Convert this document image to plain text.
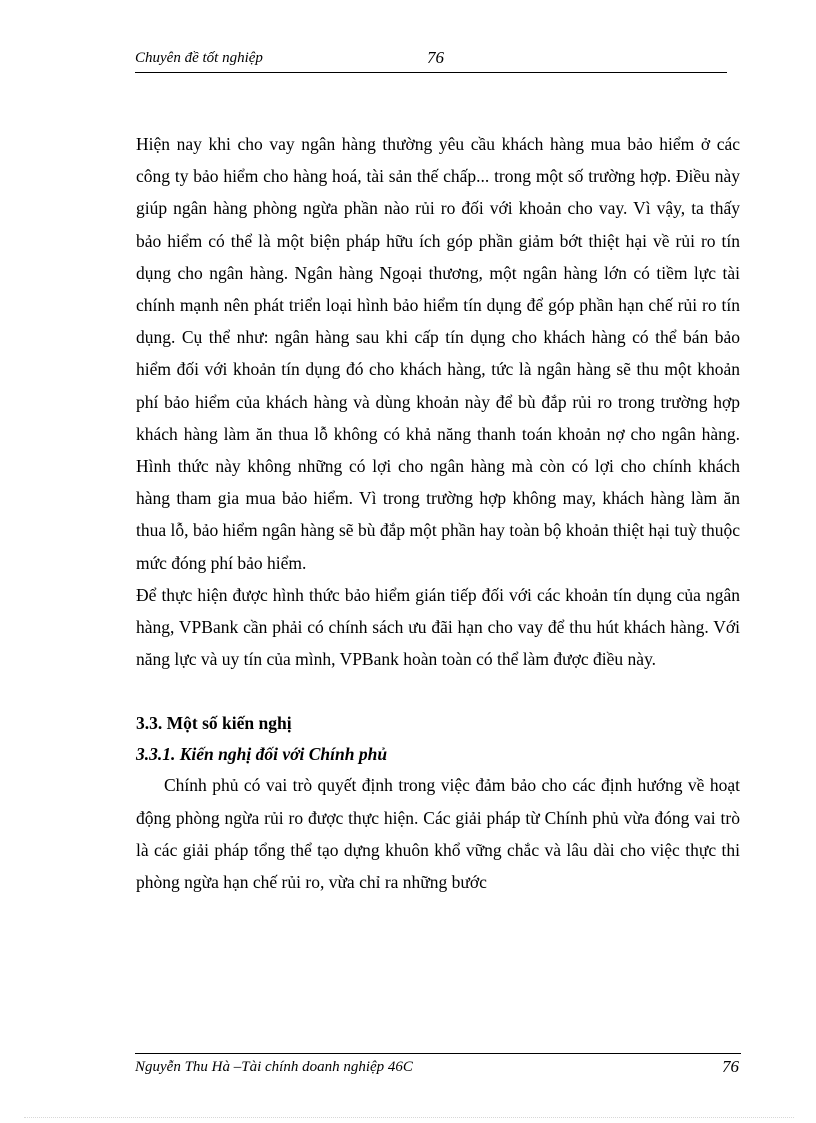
Chuyên đề tốt nghiệp	76

Hiện nay khi cho vay ngân hàng thường yêu cầu khách hàng mua bảo hiểm ở các công ty bảo hiểm cho hàng hoá, tài sản thế chấp... trong một số trường hợp. Điều này giúp ngân hàng phòng ngừa phần nào rủi ro đối với khoản cho vay. Vì vậy, ta thấy bảo hiểm có thể là một biện pháp hữu ích góp phần giảm bớt thiệt hại về rủi ro tín dụng cho ngân hàng. Ngân hàng Ngoại thương, một ngân hàng lớn có tiềm lực tài chính mạnh nên phát triển loại hình bảo hiểm tín dụng để góp phần hạn chế rủi ro tín dụng. Cụ thể như: ngân hàng sau khi cấp tín dụng cho khách hàng có thể bán bảo hiểm đối với khoản tín dụng đó cho khách hàng, tức là ngân hàng sẽ thu một khoản phí bảo hiểm của khách hàng và dùng khoản này để bù đắp rủi ro trong trường hợp khách hàng làm ăn thua lỗ không có khả năng thanh toán khoản nợ cho ngân hàng. Hình thức này không những có lợi cho ngân hàng mà còn có lợi cho chính khách hàng tham gia mua bảo hiểm. Vì trong trường hợp không may, khách hàng làm ăn thua lỗ, bảo hiểm ngân hàng sẽ bù đắp một phần hay toàn bộ khoản thiệt hại tuỳ thuộc mức đóng phí bảo hiểm.

Để thực hiện được hình thức bảo hiểm gián tiếp đối với các khoản tín dụng của ngân hàng, VPBank cần phải có chính sách ưu đãi hạn cho vay để thu hút khách hàng. Với năng lực và uy tín của mình, VPBank hoàn toàn có thể làm được điều này.

3.3. Một số kiến nghị

3.3.1. Kiến nghị đối với Chính phủ

Chính phủ có vai trò quyết định trong việc đảm bảo cho các định hướng về hoạt động phòng ngừa rủi ro được thực hiện. Các giải pháp từ Chính phủ vừa đóng vai trò là các giải pháp tổng thể tạo dựng khuôn khổ vững chắc và lâu dài cho việc thực thi phòng ngừa hạn chế rủi ro, vừa chỉ ra những bước

Nguyễn Thu Hà –Tài chính doanh nghiệp 46C	76
